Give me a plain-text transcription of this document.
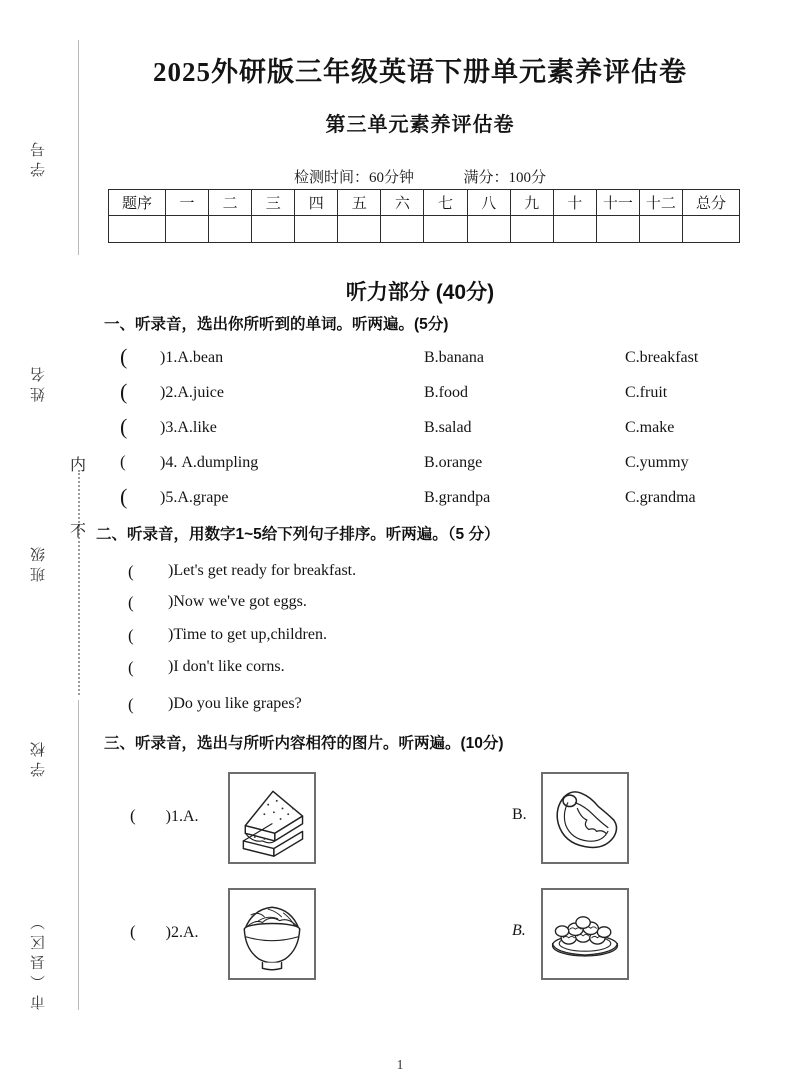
学号
姓名
班级
学校
市（县区）
内
不
2025外研版三年级英语下册单元素养评估卷
第三单元素养评估卷
检测时间：60分钟	满分：100分
题序	一	二	三	四	五	六	七	八	九	十	十一	十二	总分

听力部分 (40分)
一、听录音，选出你所听到的单词。听两遍。(5分)
( )1.A.bean	B.banana	C.breakfast
( )2.A.juice	B.food	C.fruit
( )3.A.like	B.salad	C.make
( )4. A.dumpling	B.orange	C.yummy
( )5.A.grape	B.grandpa	C.grandma
二、听录音，用数字1~5给下列句子排序。听两遍。（5 分）
( )Let's get ready for breakfast.
( )Now we've got eggs.
( )Time to get up,children.
( )I don't like corns.
( )Do you like grapes?
三、听录音，选出与所听内容相符的图片。听两遍。(10分)
( )1.A.	B.
( )2.A.	B.
1
